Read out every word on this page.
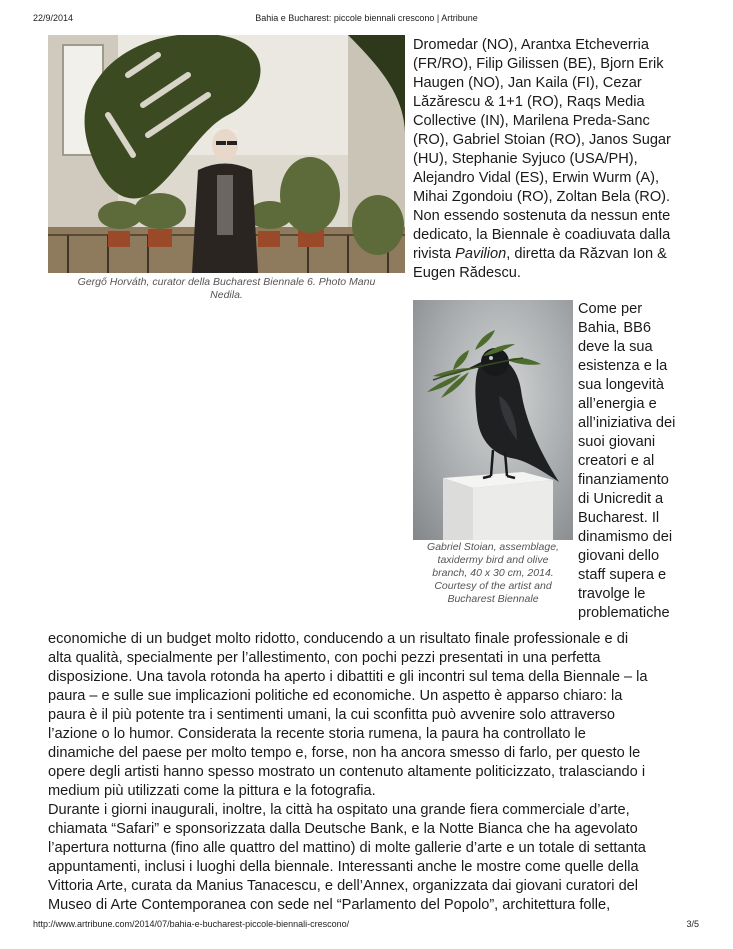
22/9/2014	Bahia e Bucharest: piccole biennali crescono | Artribune
Gergő Horváth, curator della Bucharest Biennale 6. Photo Manu
Nedila.
Dromedar (NO), Arantxa Etcheverria
(FR/RO), Filip Gilissen (BE), Bjorn Erik
Haugen (NO), Jan Kaila (FI), Cezar
Lăzărescu & 1+1 (RO), Raqs Media
Collective (IN), Marilena Preda-Sanc
(RO), Gabriel Stoian (RO), Janos Sugar
(HU), Stephanie Syjuco (USA/PH),
Alejandro Vidal (ES), Erwin Wurm (A),
Mihai Zgondoiu (RO), Zoltan Bela (RO).
Non essendo sostenuta da nessun ente
dedicato, la Biennale è coadiuvata dalla
rivista Pavilion, diretta da Răzvan Ion &
Eugen Rădescu.
Gabriel Stoian, assemblage,
taxidermy bird and olive
branch, 40 x 30 cm, 2014.
Courtesy of the artist and
Bucharest Biennale
Come per
Bahia, BB6
deve la sua
esistenza e la
sua longevità
all’energia e
all’iniziativa dei
suoi giovani
creatori e al
finanziamento
di Unicredit a
Bucharest. Il
dinamismo dei
giovani dello
staff supera e
travolge le
problematiche
economiche di un budget molto ridotto, conducendo a un risultato finale professionale e di
alta qualità, specialmente per l’allestimento, con pochi pezzi presentati in una perfetta
disposizione. Una tavola rotonda ha aperto i dibattiti e gli incontri sul tema della Biennale – la
paura – e sulle sue implicazioni politiche ed economiche. Un aspetto è apparso chiaro: la
paura è il più potente tra i sentimenti umani, la cui sconfitta può avvenire solo attraverso
l’azione o lo humor. Considerata la recente storia rumena, la paura ha controllato le
dinamiche del paese per molto tempo e, forse, non ha ancora smesso di farlo, per questo le
opere degli artisti hanno spesso mostrato un contenuto altamente politicizzato, tralasciando i
medium più utilizzati come la pittura e la fotografia.
Durante i giorni inaugurali, inoltre, la città ha ospitato una grande fiera commerciale d’arte,
chiamata “Safari” e sponsorizzata dalla Deutsche Bank, e la Notte Bianca che ha agevolato
l’apertura notturna (fino alle quattro del mattino) di molte gallerie d’arte e un totale di settanta
appuntamenti, inclusi i luoghi della biennale. Interessanti anche le mostre come quelle della
Vittoria Arte, curata da Manius Tanacescu, e dell’Annex, organizzata dai giovani curatori del
Museo di Arte Contemporanea con sede nel “Parlamento del Popolo”, architettura folle,
http://www.artribune.com/2014/07/bahia-e-bucharest-piccole-biennali-crescono/	3/5
